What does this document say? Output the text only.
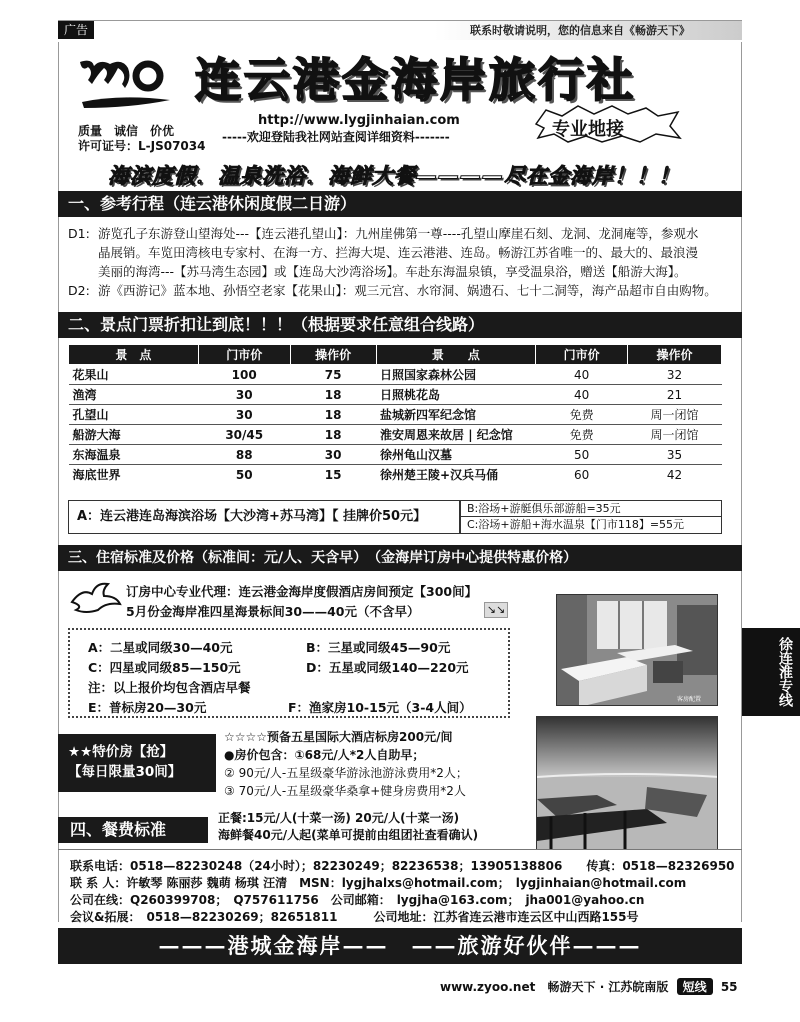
广告	联系时敬请说明，您的信息来自《畅游天下》
连云港金海岸旅行社
http://www.lygjinhaian.com
-----欢迎登陆我社网站查阅详细资料-------
质量　诚信　价优
许可证号：L-JS07034
专业地接
海滨度假．温泉洗浴．海鲜大餐————尽在金海岸！！！
一、参考行程（连云港休闲度假二日游）
D1: 游览孔子东游登山望海处---【连云港孔望山】：九州崖佛第一尊----孔望山摩崖石刻、龙洞、龙洞庵等，参观水
晶展销。车览田湾核电专家村、在海一方、拦海大堤、连云港港、连岛。畅游江苏省唯一的、最大的、最浪漫
美丽的海湾---【苏马湾生态园】或【连岛大沙湾浴场】。车赴东海温泉镇，享受温泉浴，赠送【船游大海】。
D2: 游《西游记》蓝本地、孙悟空老家【花果山】：观三元宫、水帘洞、娲遗石、七十二洞等，海产品超市自由购物。
二、景点门票折扣让到底！！！（根据要求任意组合线路）
景　点	门市价	操作价	景　　点	门市价	操作价
花果山	100	75	日照国家森林公园	40	32
渔湾	30	18	日照桃花岛	40	21
孔望山	30	18	盐城新四军纪念馆	免费	周一闭馆
船游大海	30/45	18	淮安周恩来故居 | 纪念馆	免费	周一闭馆
东海温泉	88	30	徐州龟山汉墓	50	35
海底世界	50	15	徐州楚王陵+汉兵马俑	60	42
A：连云港连岛海滨浴场【大沙湾+苏马湾】【 挂牌价50元】
B:浴场+游艇俱乐部游船=35元
C:浴场+游船+海水温泉【门市118】=55元
三、住宿标准及价格（标准间：元/人、天含早）　（金海岸订房中心提供特惠价格）
订房中心专业代理：连云港金海岸度假酒店房间预定【300间】
5月份金海岸准四星海景标间30——40元（不含早）	↘↘
A：二星或同级30—40元	B：三星或同级45—90元
C：四星或同级85—150元	D：五星或同级140—220元
注：以上报价均包含酒店早餐
E：普标房20—30元	F：渔家房10-15元（3-4人间）
客房配置
★★特价房【抢】
【每日限量30间】
☆☆☆☆预备五星国际大酒店标房200元/间
●房价包含：①68元/人*2人自助早；
② 90元/人-五星级豪华游泳池游泳费用*2人；
③ 70元/人-五星级豪华桑拿+健身房费用*2人
四、餐费标准
正餐:15元/人(十菜一汤) 20元/人(十菜一汤)
海鲜餐40元/人起(菜单可提前由组团社查看确认)
联系电话：0518—82230248（24小时）；82230249；82236538；13905138806　　传真：0518—82326950
联 系 人：许敏琴 陈丽莎 魏萌 杨琪 汪清　MSN：lygjhalxs@hotmail.com；　lygjinhaian@hotmail.com
公司在线：Q260399708；　Q757611756　公司邮箱：　lygjha@163.com；　jha001@yahoo.cn
会议&拓展：　0518—82230269；82651811　　　公司地址：江苏省连云港市连云区中山西路155号
———港城金海岸——　——旅游好伙伴———
www.zyoo.net 畅游天下 · 江苏皖南版 短线 55
徐连淮专线
